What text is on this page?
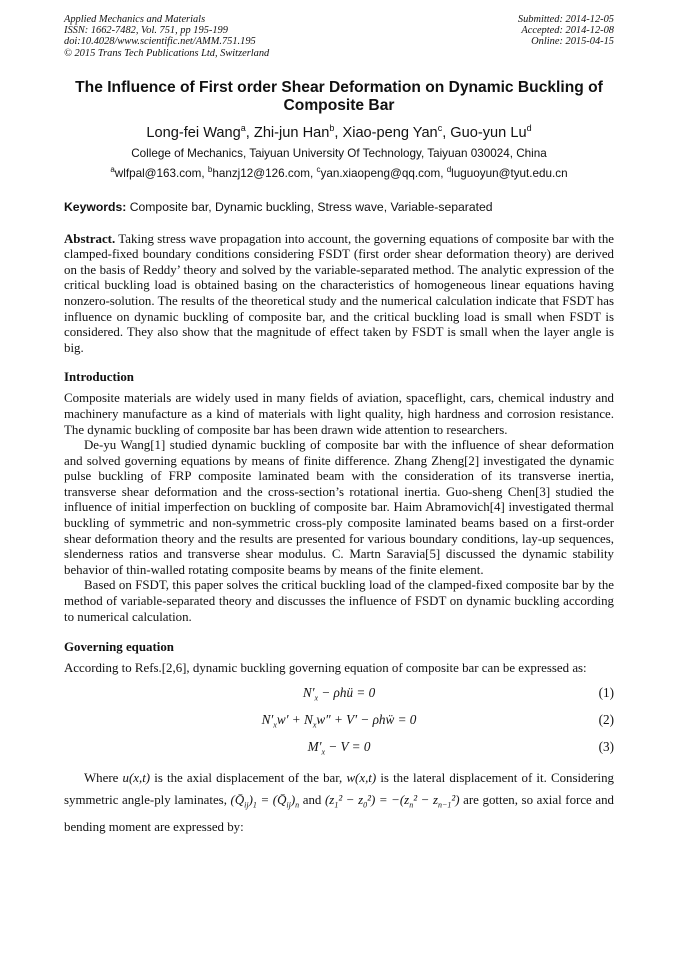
Applied Mechanics and Materials
ISSN: 1662-7482, Vol. 751, pp 195-199
doi:10.4028/www.scientific.net/AMM.751.195
© 2015 Trans Tech Publications Ltd, Switzerland
Submitted: 2014-12-05
Accepted: 2014-12-08
Online: 2015-04-15
The Influence of First order Shear Deformation on Dynamic Buckling of
Composite Bar
Long-fei Wang$^a$, Zhi-jun Han$^b$, Xiao-peng Yan$^c$, Guo-yun Lu$^d$
College of Mechanics, Taiyuan University Of Technology, Taiyuan 030024, China
$^a$wlfpal@163.com, $^b$hanzj12@126.com, $^c$yan.xiaopeng@qq.com, $^d$luguoyun@tyut.edu.cn
Keywords: Composite bar, Dynamic buckling, Stress wave, Variable-separated

Abstract. Taking stress wave propagation into account, the governing equations of composite bar with the clamped-fixed boundary conditions considering FSDT (first order shear deformation theory) are derived on the basis of Reddy’ theory and solved by the variable-separated method. The analytic expression of the critical buckling load is obtained basing on the characteristics of homogeneous linear equations having nonzero-solution. The results of the theoretical study and the numerical calculation indicate that FSDT has influence on dynamic buckling of composite bar, and the critical buckling load is small when FSDT is considered. They also show that the magnitude of effect taken by FSDT is small when the layer angle is big.

Introduction

Composite materials are widely used in many fields of aviation, spaceflight, cars, chemical industry and machinery manufacture as a kind of materials with light quality, high hardness and corrosion resistance. The dynamic buckling of composite bar has been drawn wide attention to researchers.

De-yu Wang[1] studied dynamic buckling of composite bar with the influence of shear deformation and solved governing equations by means of finite difference. Zhang Zheng[2] investigated the dynamic pulse buckling of FRP composite laminated beam with the consideration of its transverse inertia, transverse shear deformation and the cross-section’s rotational inertia. Guo-sheng Chen[3] studied the influence of initial imperfection on buckling of composite bar. Haim Abramovich[4] investigated thermal buckling of symmetric and non-symmetric cross-ply composite laminated beams based on a first-order shear deformation theory and the results are presented for various boundary conditions, lay-up sequences, slenderness ratios and transverse shear modulus. C. Martn Saravia[5] discussed the dynamic stability behavior of thin-walled rotating composite beams by means of the finite element.

Based on FSDT, this paper solves the critical buckling load of the clamped-fixed composite bar by the method of variable-separated theory and discusses the influence of FSDT on dynamic buckling according to numerical calculation.

Governing equation

According to Refs.[2,6], dynamic buckling governing equation of composite bar can be expressed as:

$N'_x$ − ρhü = 0	(1)
$N'_xw' + N_xw'' + V'$ − ρhẅ = 0	(2)
$M'_x - V = 0$	(3)

Where u(x,t) is the axial displacement of the bar, w(x,t) is the lateral displacement of it. Considering symmetric angle-ply laminates, $(Q̄_{ij})_1$ = $(Q̄_{ij})_n$ and $(z_1^2 - z_0^2) = -(z_n^2 - z_{n-1}^2)$ are gotten, so axial force and bending moment are expressed by:
